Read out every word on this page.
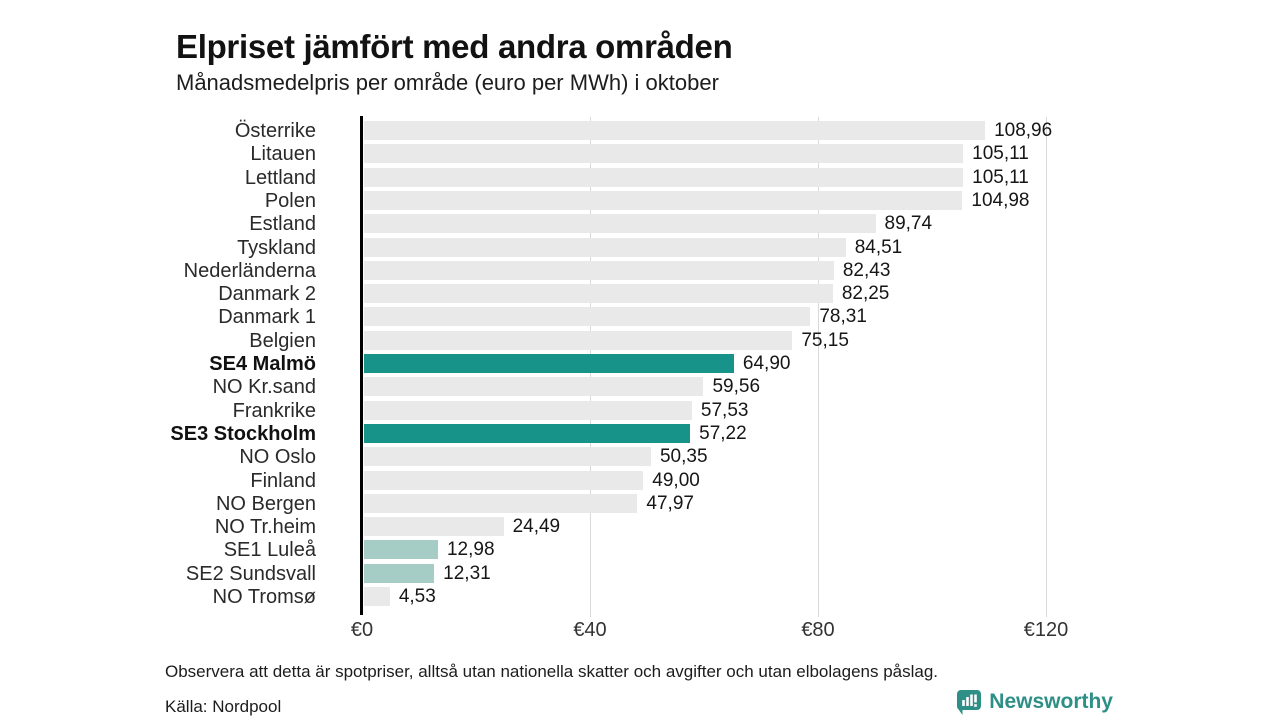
Elpriset jämfört med andra områden
Månadsmedelpris per område (euro per MWh) i oktober
€0	€40	€80	€120
Österrike	108,96
Litauen	105,11
Lettland	105,11
Polen	104,98
Estland	89,74
Tyskland	84,51
Nederländerna	82,43
Danmark 2	82,25
Danmark 1	78,31
Belgien	75,15
SE4 Malmö	64,90
NO Kr.sand	59,56
Frankrike	57,53
SE3 Stockholm	57,22
NO Oslo	50,35
Finland	49,00
NO Bergen	47,97
NO Tr.heim	24,49
SE1 Luleå	12,98
SE2 Sundsvall	12,31
NO Tromsø	4,53
Observera att detta är spotpriser, alltså utan nationella skatter och avgifter och utan elbolagens påslag.
Källa: Nordpool	Newsworthy
